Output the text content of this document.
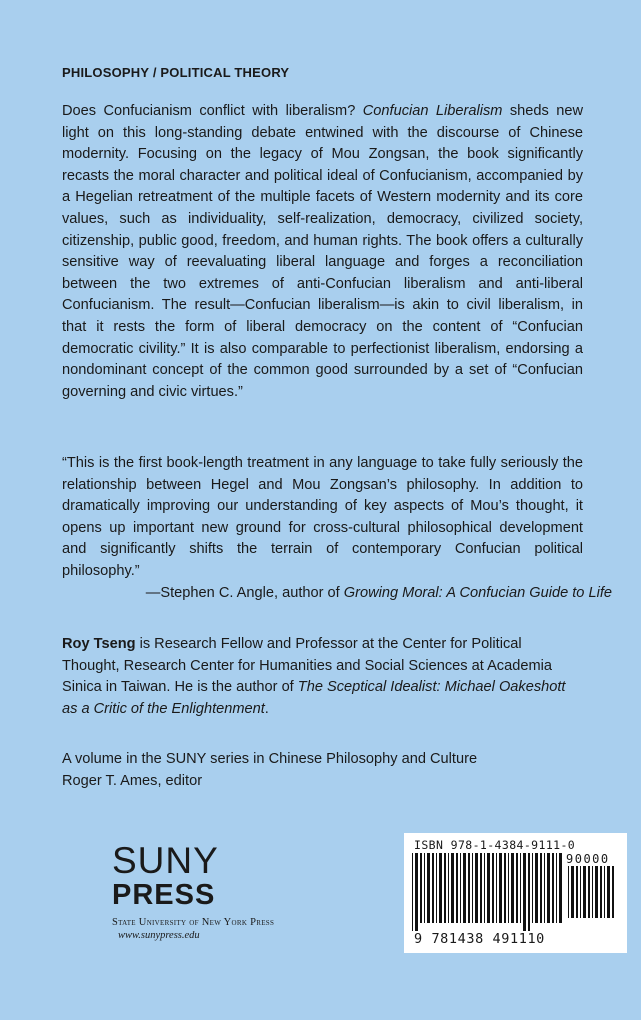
PHILOSOPHY / POLITICAL THEORY

Does Confucianism conflict with liberalism? Confucian Liberalism sheds new light on this long-standing debate entwined with the discourse of Chinese modernity. Focusing on the legacy of Mou Zongsan, the book significantly recasts the moral character and political ideal of Confucianism, accompanied by a Hegelian retreatment of the multiple facets of Western modernity and its core values, such as individuality, self-realization, democracy, civilized society, citizenship, public good, freedom, and human rights. The book offers a culturally sensitive way of reevaluating liberal language and forges a reconciliation between the two extremes of anti-Confucian liberalism and anti-liberal Confucianism. The result—Confucian liberalism—is akin to civil liberalism, in that it rests the form of liberal democracy on the content of “Confucian democratic civility.” It is also comparable to perfectionist liberalism, endorsing a nondominant concept of the common good surrounded by a set of “Confucian governing and civic virtues.”

“This is the first book-length treatment in any language to take fully seriously the relationship between Hegel and Mou Zongsan’s philosophy. In addition to dramatically improving our understanding of key aspects of Mou’s thought, it opens up important new ground for cross-cultural philosophical development and significantly shifts the terrain of contemporary Confucian political philosophy.”

—Stephen C. Angle, author of Growing Moral: A Confucian Guide to Life

Roy Tseng is Research Fellow and Professor at the Center for Political Thought, Research Center for Humanities and Social Sciences at Academia Sinica in Taiwan. He is the author of The Sceptical Idealist: Michael Oakeshott as a Critic of the Enlightenment.

A volume in the SUNY series in Chinese Philosophy and Culture
Roger T. Ames, editor
SUNY
PRESS
State University of New York Press
www.sunypress.edu
ISBN 978-1-4384-9111-0
90000
9 781438 491110
